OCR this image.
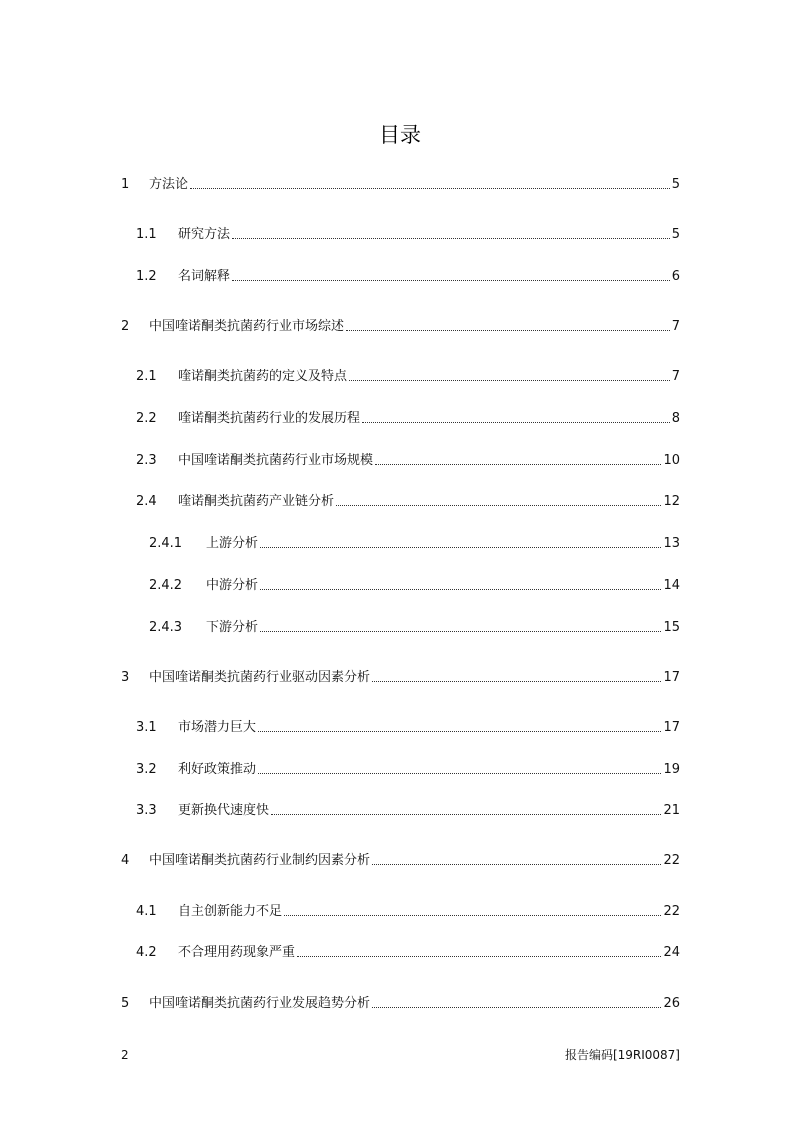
目录
1	方法论	5
1.1	研究方法	5
1.2	名词解释	6
2	中国喹诺酮类抗菌药行业市场综述	7
2.1	喹诺酮类抗菌药的定义及特点	7
2.2	喹诺酮类抗菌药行业的发展历程	8
2.3	中国喹诺酮类抗菌药行业市场规模	10
2.4	喹诺酮类抗菌药产业链分析	12
2.4.1	上游分析	13
2.4.2	中游分析	14
2.4.3	下游分析	15
3	中国喹诺酮类抗菌药行业驱动因素分析	17
3.1	市场潜力巨大	17
3.2	利好政策推动	19
3.3	更新换代速度快	21
4	中国喹诺酮类抗菌药行业制约因素分析	22
4.1	自主创新能力不足	22
4.2	不合理用药现象严重	24
5	中国喹诺酮类抗菌药行业发展趋势分析	26
2	报告编码[19RI0087]
